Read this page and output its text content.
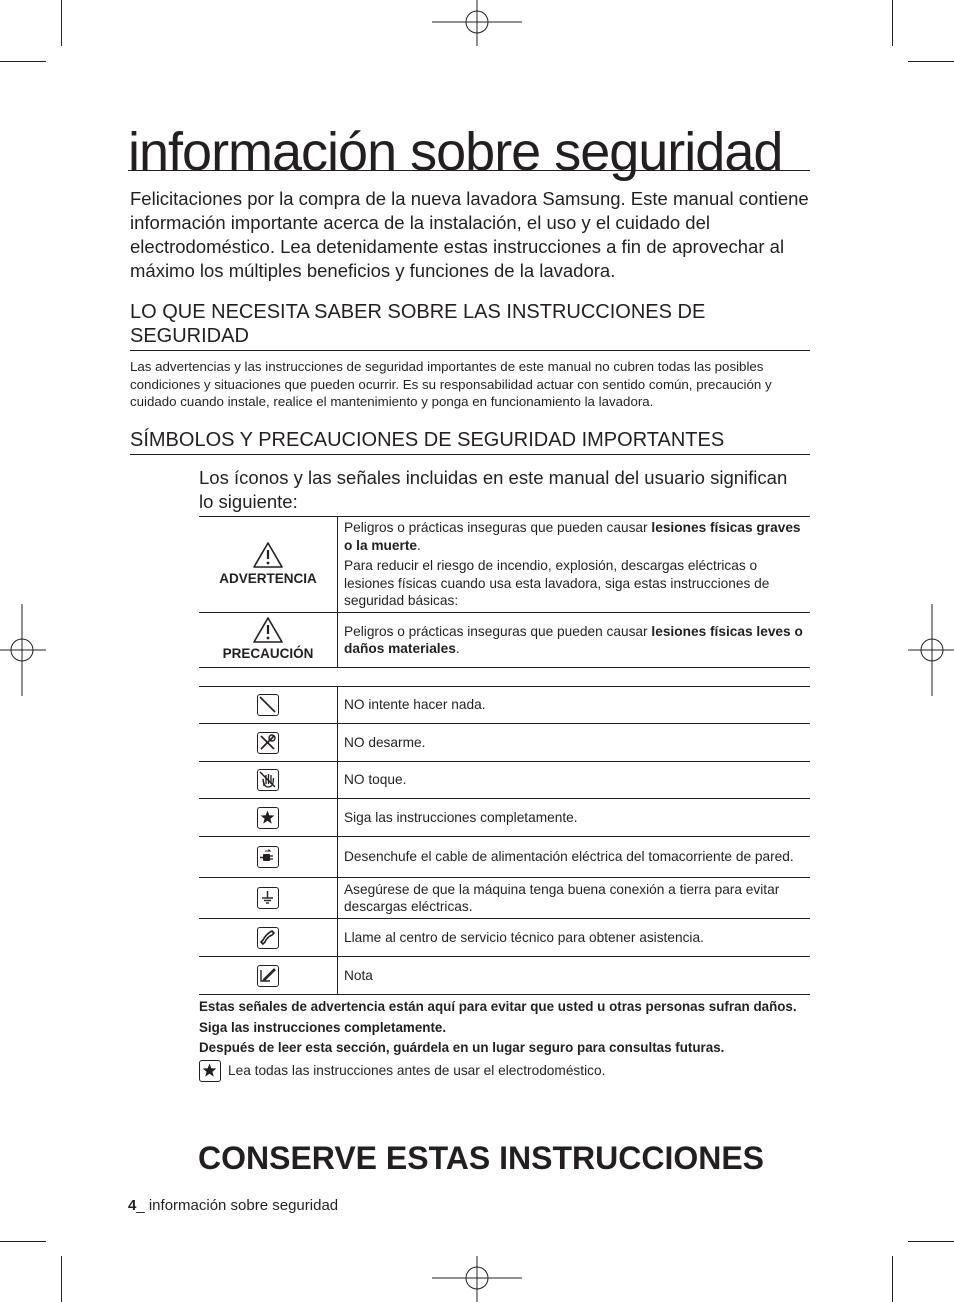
información sobre seguridad
Felicitaciones por la compra de la nueva lavadora Samsung. Este manual contiene información importante acerca de la instalación, el uso y el cuidado del electrodoméstico. Lea detenidamente estas instrucciones a fin de aprovechar al máximo los múltiples beneficios y funciones de la lavadora.
LO QUE NECESITA SABER SOBRE LAS INSTRUCCIONES DE SEGURIDAD
Las advertencias y las instrucciones de seguridad importantes de este manual no cubren todas las posibles condiciones y situaciones que pueden ocurrir. Es su responsabilidad actuar con sentido común, precaución y cuidado cuando instale, realice el mantenimiento y ponga en funcionamiento la lavadora.
SÍMBOLOS Y PRECAUCIONES DE SEGURIDAD IMPORTANTES
Los íconos y las señales incluidas en este manual del usuario significan lo siguiente:
ADVERTENCIA	Peligros o prácticas inseguras que pueden causar lesiones físicas graves o la muerte.
Para reducir el riesgo de incendio, explosión, descargas eléctricas o lesiones físicas cuando usa esta lavadora, siga estas instrucciones de seguridad básicas:

PRECAUCIÓN	Peligros o prácticas inseguras que pueden causar lesiones físicas leves o daños materiales.

	NO intente hacer nada.

	NO desarme.

	NO toque.

	Siga las instrucciones completamente.

	Desenchufe el cable de alimentación eléctrica del tomacorriente de pared.

	Asegúrese de que la máquina tenga buena conexión a tierra para evitar descargas eléctricas.

	Llame al centro de servicio técnico para obtener asistencia.

	Nota
Estas señales de advertencia están aquí para evitar que usted u otras personas sufran daños.
Siga las instrucciones completamente.
Después de leer esta sección, guárdela en un lugar seguro para consultas futuras.
Lea todas las instrucciones antes de usar el electrodoméstico.
CONSERVE ESTAS INSTRUCCIONES
4_ información sobre seguridad
